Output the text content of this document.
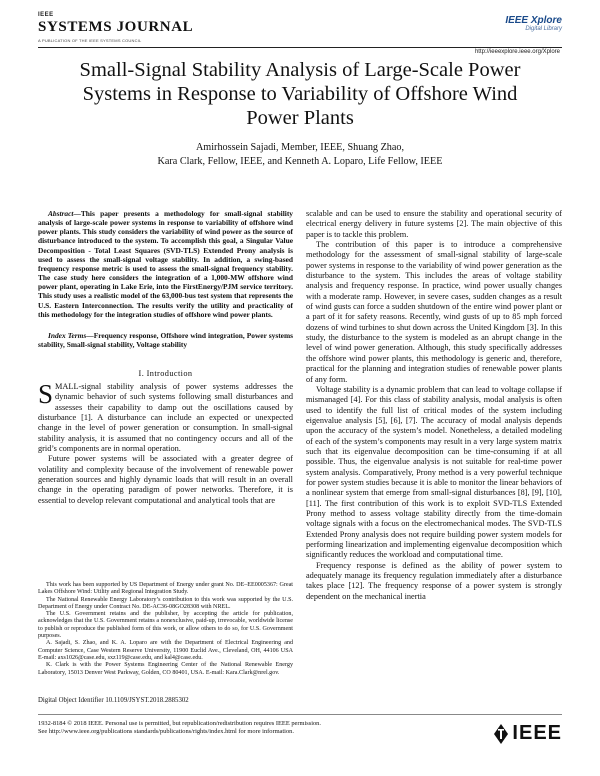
IEEE
SYSTEMS JOURNAL
A PUBLICATION OF THE IEEE SYSTEMS COUNCIL
IEEE Xplore
Digital Library
http://ieeexplore.ieee.org/Xplore
Small-Signal Stability Analysis of Large-Scale Power Systems in Response to Variability of Offshore Wind Power Plants
Amirhossein Sajadi, Member, IEEE, Shuang Zhao,
Kara Clark, Fellow, IEEE, and Kenneth A. Loparo, Life Fellow, IEEE

Abstract—This paper presents a methodology for small-signal stability analysis of large-scale power systems in response to variability of offshore wind power plants. This study considers the variability of wind power as the source of disturbance introduced to the system. To accomplish this goal, a Singular Value Decomposition - Total Least Squares (SVD-TLS) Extended Prony analysis is used to assess the small-signal voltage stability. In addition, a swing-based frequency response metric is used to assess the small-signal frequency stability. The case study here considers the integration of a 1,000-MW offshore wind power plant, operating in Lake Erie, into the FirstEnergy/PJM service territory. This study uses a realistic model of the 63,000-bus test system that represents the U.S. Eastern Interconnection. The results verify the utility and practicality of this methodology for the integration studies of offshore wind power plants.

Index Terms—Frequency response, Offshore wind integration, Power systems stability, Small-signal stability, Voltage stability

I. Introduction

SMALL-signal stability analysis of power systems addresses the dynamic behavior of such systems following small disturbances and assesses their capability to damp out the oscillations caused by disturbance [1]. A disturbance can include an expected or unexpected change in the level of power generation or consumption. In small-signal stability analysis, it is assumed that no contingency occurs and all of the grid’s components are in normal operation.

Future power systems will be associated with a greater degree of volatility and complexity because of the involvement of renewable power generation sources and highly dynamic loads that will result in an overall change in the operating paradigm of power networks. Therefore, it is essential to develop relevant computational and analytical tools that are

This work has been supported by US Department of Energy under grant No. DE–EE0005367: Great Lakes Offshore Wind: Utility and Regional Integration Study.

The National Renewable Energy Laboratory’s contribution to this work was supported by the U.S. Department of Energy under Contract No. DE-AC36-08GO28308 with NREL.

The U.S. Government retains and the publisher, by accepting the article for publication, acknowledges that the U.S. Government retains a nonexclusive, paid-up, irrevocable, worldwide license to publish or reproduce the published form of this work, or allow others to do so, for U.S. Government purposes.

A. Sajadi, S. Zhao, and K. A. Loparo are with the Department of Electrical Engineering and Computer Science, Case Western Reserve University, 11900 Euclid Ave., Cleveland, OH, 44106 USA E-mail: axs1026@case.edu, sxz119@case.edu, and kal4@case.edu.

K. Clark is with the Power Systems Engineering Center of the National Renewable Energy Laboratory, 15013 Denver West Parkway, Golden, CO 80401, USA. E-mail: Kara.Clark@nrel.gov.

Digital Object Identifier 10.1109/JSYST.2018.2885302

scalable and can be used to ensure the stability and operational security of electrical energy delivery in future systems [2]. The main objective of this paper is to tackle this problem.

The contribution of this paper is to introduce a comprehensive methodology for the assessment of small-signal stability of large-scale power systems in response to the variability of wind power generation as the disturbance to the system. This includes the areas of voltage stability analysis and frequency response. In practice, wind power usually changes with a moderate ramp. However, in severe cases, sudden changes as a result of wind gusts can force a sudden shutdown of the entire wind power plant or a part of it for safety reasons. Recently, wind gusts of up to 85 mph forced dozens of wind turbines to shut down across the United Kingdom [3]. In this study, the disturbance to the system is modeled as an abrupt change in the level of wind power generation. Although, this study specifically addresses the offshore wind power plants, this methodology is generic and, therefore, practical for the planning and integration studies of renewable power plants of any form.

Voltage stability is a dynamic problem that can lead to voltage collapse if mismanaged [4]. For this class of stability analysis, modal analysis is often used to identify the full list of critical modes of the system including eigenvalue analysis [5], [6], [7]. The accuracy of modal analysis depends upon the accuracy of the system’s model. Nonetheless, a detailed modeling of each of the system’s components may result in a very large system matrix such that its eigenvalue decomposition can be time-consuming if at all possible. Thus, the eigenvalue analysis is not suitable for real-time power system analysis. Comparatively, Prony method is a very powerful technique for power system studies because it is able to monitor the linear behaviors of a nonlinear system that emerge from small-signal disturbances [8], [9], [10], [11]. The first contribution of this work is to exploit SVD-TLS Extended Prony method to assess voltage stability directly from the time-domain voltage signals with a focus on the electromechanical modes. The SVD-TLS Extended Prony analysis does not require building power system models for performing linearization and implementing eigenvalue decomposition which significantly reduces the workload and computational time.

Frequency response is defined as the ability of power system to adequately manage its frequency regulation immediately after a disturbance takes place [12]. The frequency response of a power system is strongly dependent on the mechanical inertia

1932-8184 © 2018 IEEE. Personal use is permitted, but republication/redistribution requires IEEE permission.
See http://www.ieee.org/publications standards/publications/rights/index.html for more information.	IEEE
